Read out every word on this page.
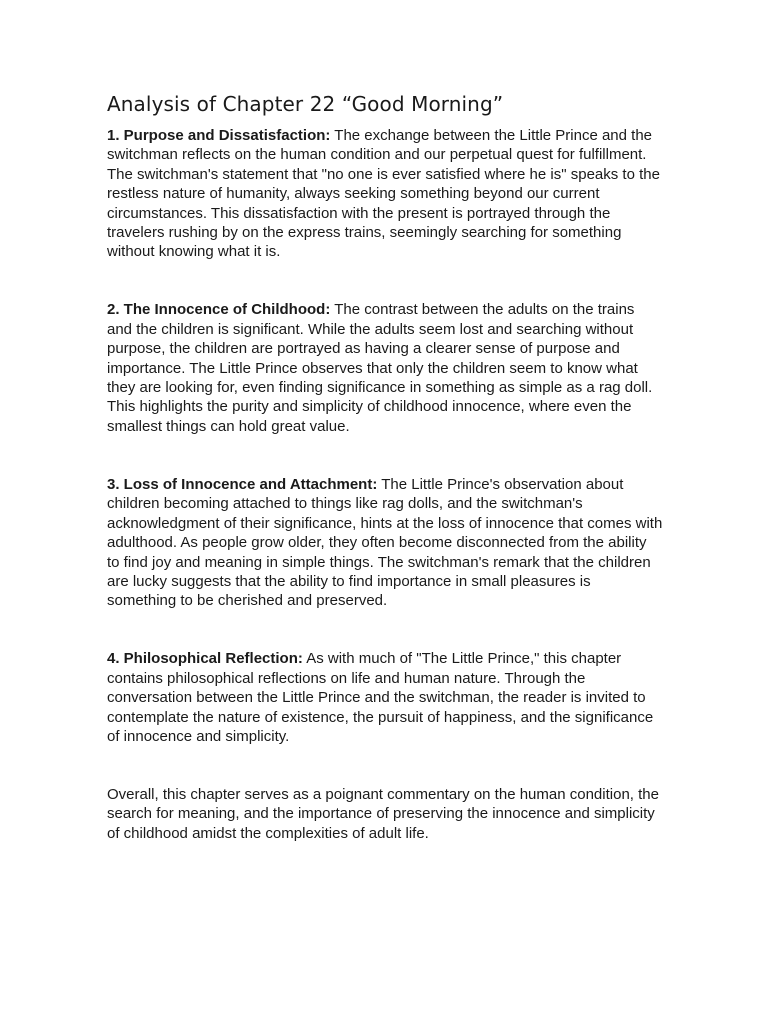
Analysis of Chapter 22 “Good Morning”

1. Purpose and Dissatisfaction: The exchange between the Little Prince and the switchman reflects on the human condition and our perpetual quest for fulfillment. The switchman's statement that "no one is ever satisfied where he is" speaks to the restless nature of humanity, always seeking something beyond our current circumstances. This dissatisfaction with the present is portrayed through the travelers rushing by on the express trains, seemingly searching for something without knowing what it is.

2. The Innocence of Childhood: The contrast between the adults on the trains and the children is significant. While the adults seem lost and searching without purpose, the children are portrayed as having a clearer sense of purpose and importance. The Little Prince observes that only the children seem to know what they are looking for, even finding significance in something as simple as a rag doll. This highlights the purity and simplicity of childhood innocence, where even the smallest things can hold great value.

3. Loss of Innocence and Attachment: The Little Prince's observation about children becoming attached to things like rag dolls, and the switchman's acknowledgment of their significance, hints at the loss of innocence that comes with adulthood. As people grow older, they often become disconnected from the ability to find joy and meaning in simple things. The switchman's remark that the children are lucky suggests that the ability to find importance in small pleasures is something to be cherished and preserved.

4. Philosophical Reflection: As with much of "The Little Prince," this chapter contains philosophical reflections on life and human nature. Through the conversation between the Little Prince and the switchman, the reader is invited to contemplate the nature of existence, the pursuit of happiness, and the significance of innocence and simplicity.

Overall, this chapter serves as a poignant commentary on the human condition, the search for meaning, and the importance of preserving the innocence and simplicity of childhood amidst the complexities of adult life.
